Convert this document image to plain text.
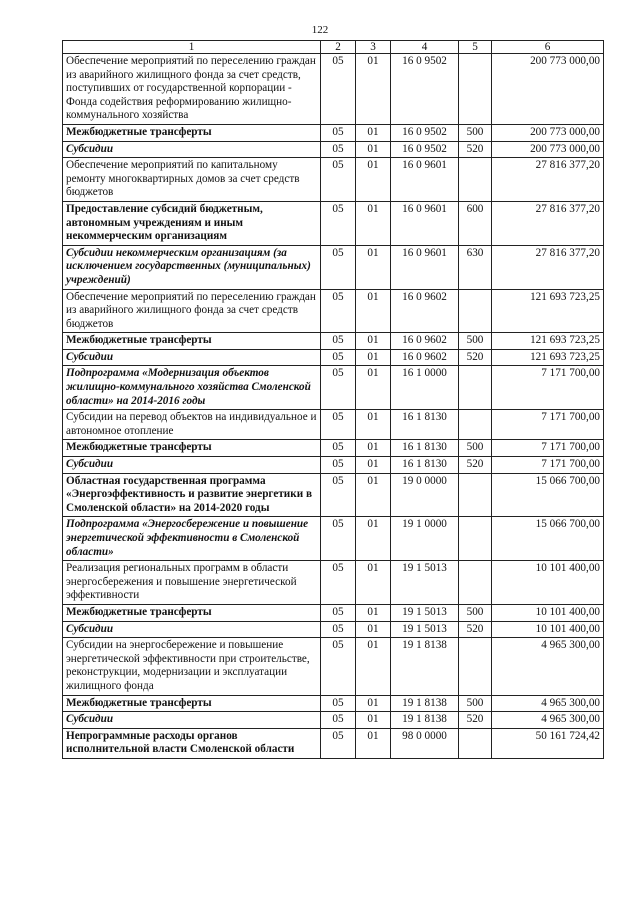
122
1	2	3	4	5	6
Обеспечение мероприятий по переселению граждан из аварийного жилищного фонда за счет средств, поступивших от государственной корпорации - Фонда содействия реформированию жилищно-коммунального хозяйства	05	01	16 0 9502		200 773 000,00
Межбюджетные трансферты	05	01	16 0 9502	500	200 773 000,00
Субсидии	05	01	16 0 9502	520	200 773 000,00
Обеспечение мероприятий по капитальному ремонту многоквартирных домов за счет средств бюджетов	05	01	16 0 9601		27 816 377,20
Предоставление субсидий бюджетным, автономным учреждениям и иным некоммерческим организациям	05	01	16 0 9601	600	27 816 377,20
Субсидии некоммерческим организациям (за исключением государственных (муниципальных) учреждений)	05	01	16 0 9601	630	27 816 377,20
Обеспечение мероприятий по переселению граждан из аварийного жилищного фонда за счет средств бюджетов	05	01	16 0 9602		121 693 723,25
Межбюджетные трансферты	05	01	16 0 9602	500	121 693 723,25
Субсидии	05	01	16 0 9602	520	121 693 723,25
Подпрограмма «Модернизация объектов жилищно-коммунального хозяйства Смоленской области» на 2014-2016 годы	05	01	16 1 0000		7 171 700,00
Субсидии на перевод объектов на индивидуальное и автономное отопление	05	01	16 1 8130		7 171 700,00
Межбюджетные трансферты	05	01	16 1 8130	500	7 171 700,00
Субсидии	05	01	16 1 8130	520	7 171 700,00
Областная государственная программа «Энергоэффективность и развитие энергетики в Смоленской области» на 2014-2020 годы	05	01	19 0 0000		15 066 700,00
Подпрограмма «Энергосбережение и повышение энергетической эффективности в Смоленской области»	05	01	19 1 0000		15 066 700,00
Реализация региональных программ в области энергосбережения и повышение энергетической эффективности	05	01	19 1 5013		10 101 400,00
Межбюджетные трансферты	05	01	19 1 5013	500	10 101 400,00
Субсидии	05	01	19 1 5013	520	10 101 400,00
Субсидии на энергосбережение и повышение энергетической эффективности при строительстве, реконструкции, модернизации и эксплуатации жилищного фонда	05	01	19 1 8138		4 965 300,00
Межбюджетные трансферты	05	01	19 1 8138	500	4 965 300,00
Субсидии	05	01	19 1 8138	520	4 965 300,00
Непрограммные расходы органов исполнительной власти Смоленской области	05	01	98 0 0000		50 161 724,42
